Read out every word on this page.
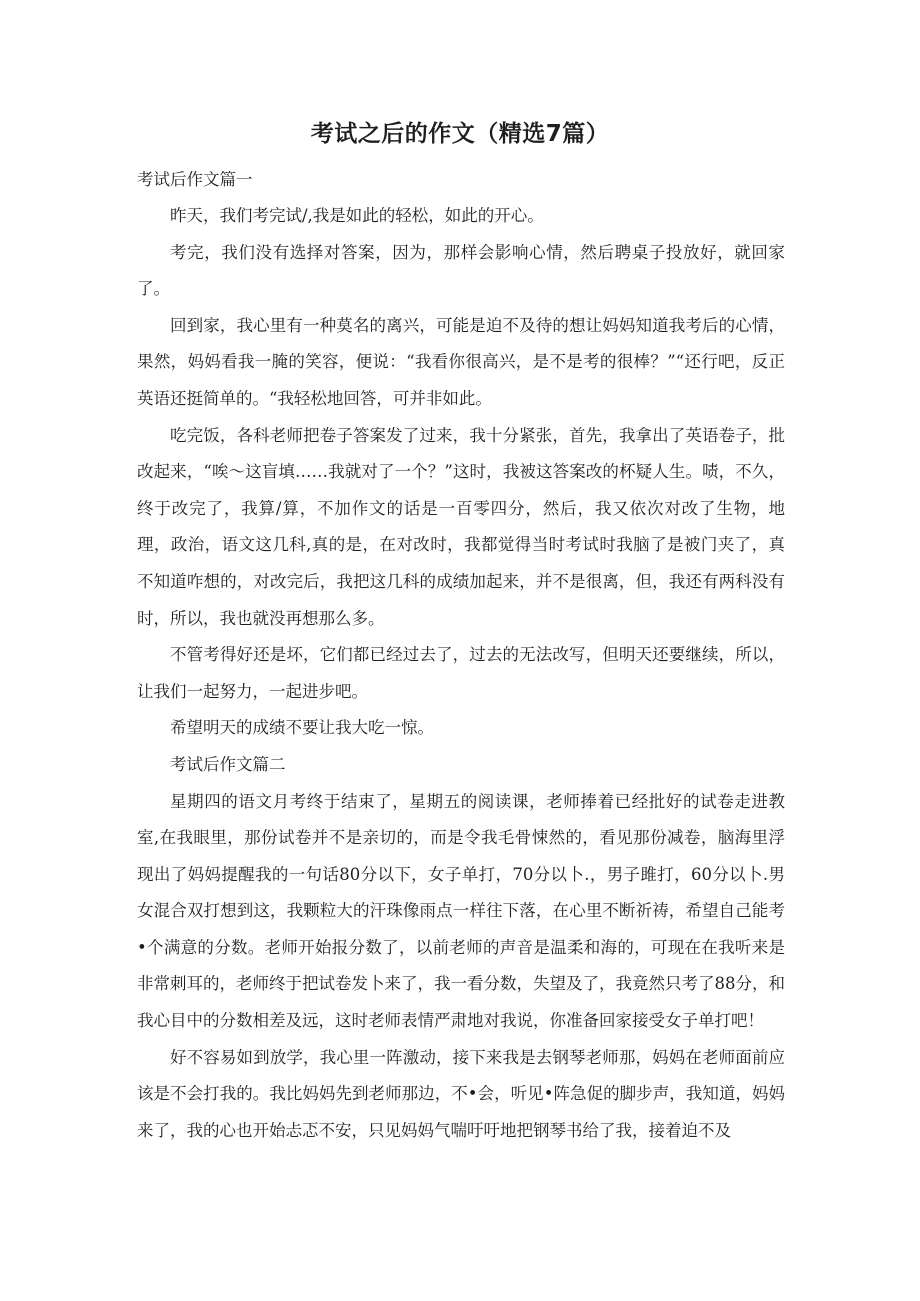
考试之后的作文（精选7篇）

考试后作文篇一

昨天，我们考完试/,我是如此的轻松，如此的开心。

考完，我们没有选择对答案，因为，那样会影响心情，然后聘桌子投放好，就回家了。

回到家，我心里有一种莫名的离兴，可能是迫不及待的想让妈妈知道我考后的心情，果然，妈妈看我一腌的笑容，便说：“我看你很高兴，是不是考的很棒？”“还行吧，反正英语还挺简单的。“我轻松地回答，可并非如此。

吃完饭，各科老师把卷子答案发了过来，我十分紧张，首先，我拿出了英语卷子，批改起来，“唉～这盲填……我就对了一个？”这时，我被这答案改的杯疑人生。啧，不久，终于改完了，我算/算，不加作文的话是一百零四分，然后，我又依次对改了生物，地理，政治，语文这几科,真的是，在对改时，我都觉得当时考试时我脑了是被门夹了，真不知道咋想的，对改完后，我把这几科的成绩加起来，并不是很离，但，我还有两科没有时，所以，我也就没再想那么多。

不管考得好还是坏，它们都已经过去了，过去的无法改写，但明天还要继续，所以，让我们一起努力，一起进步吧。

希望明天的成绩不要让我大吃一惊。

考试后作文篇二

星期四的语文月考终于结束了，星期五的阅读课，老师捧着已经批好的试卷走进教室,在我眼里，那份试卷并不是亲切的，而是令我毛骨悚然的，看见那份减卷，脑海里浮现出了妈妈提醒我的一句话80分以下，女子单打，70分以卜.，男子雎打，60分以卜.男女混合双打想到这，我颗粒大的汗珠像雨点一样往下落，在心里不断祈祷，希望自己能考•个满意的分数。老师开始报分数了，以前老师的声音是温柔和海的，可现在在我听来是非常刺耳的，老师终于把试卷发卜来了，我一看分数，失望及了，我竟然只考了88分，和我心目中的分数相差及远，这时老师表情严肃地对我说，你准备回家接受女子单打吧！

好不容易如到放学，我心里一阵激动，接下来我是去钢琴老师那，妈妈在老师面前应该是不会打我的。我比妈妈先到老师那边，不•会，听见•阵急促的脚步声，我知道，妈妈来了，我的心也开始忐忑不安，只见妈妈气喘吁吁地把钢琴书给了我，接着迫不及
